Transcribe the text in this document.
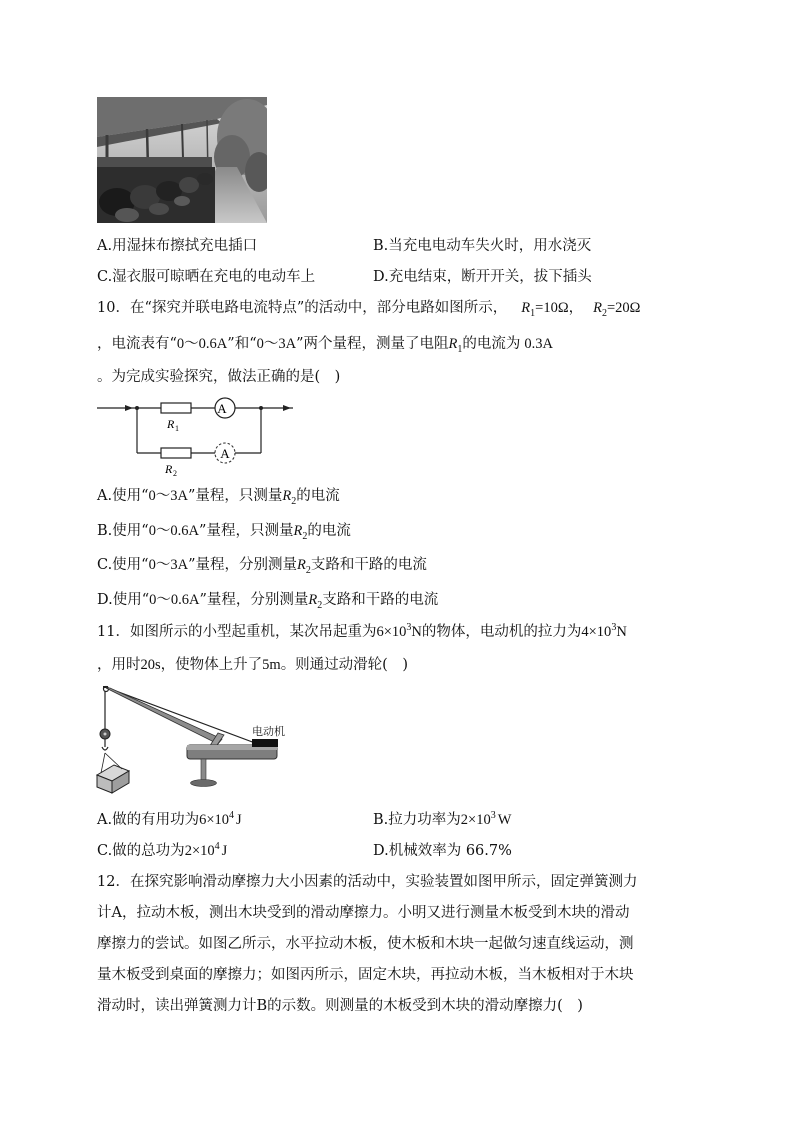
A.用湿抹布擦拭充电插口	B.当充电电动车失火时，用水浇灭
C.湿衣服可晾晒在充电的电动车上	D.充电结束，断开开关，拔下插头
10．在“探究并联电路电流特点”的活动中，部分电路如图所示， $R_1=10\Omega$， $R_2=20\Omega$
，电流表有“0～0.6A”和“0～3A”两个量程，测量了电阻$R_1$的电流为 0.3A
。为完成实验探究，做法正确的是(　)
A
A
R 1
R 2
A.使用“0～3A”量程，只测量$R_2$的电流
B.使用“0～0.6A”量程，只测量$R_2$的电流
C.使用“0～3A”量程，分别测量$R_2$支路和干路的电流
D.使用“0～0.6A”量程，分别测量$R_2$支路和干路的电流
11．如图所示的小型起重机，某次吊起重为$6\times 10^3N$的物体，电动机的拉力为$4\times 10^3N$
，用时20s，使物体上升了5m。则通过动滑轮(　)
电动机
A.做的有用功为$6\times 10^4$ J	B.拉力功率为$2\times 10^3$ W
C.做的总功为$2\times 10^4$ J	D.机械效率为 66.7%
12．在探究影响滑动摩擦力大小因素的活动中，实验装置如图甲所示，固定弹簧测力
计A，拉动木板，测出木块受到的滑动摩擦力。小明又进行测量木板受到木块的滑动
摩擦力的尝试。如图乙所示，水平拉动木板，使木板和木块一起做匀速直线运动，测
量木板受到桌面的摩擦力；如图丙所示，固定木块，再拉动木板，当木板相对于木块
滑动时，读出弹簧测力计B的示数。则测量的木板受到木块的滑动摩擦力(　)
